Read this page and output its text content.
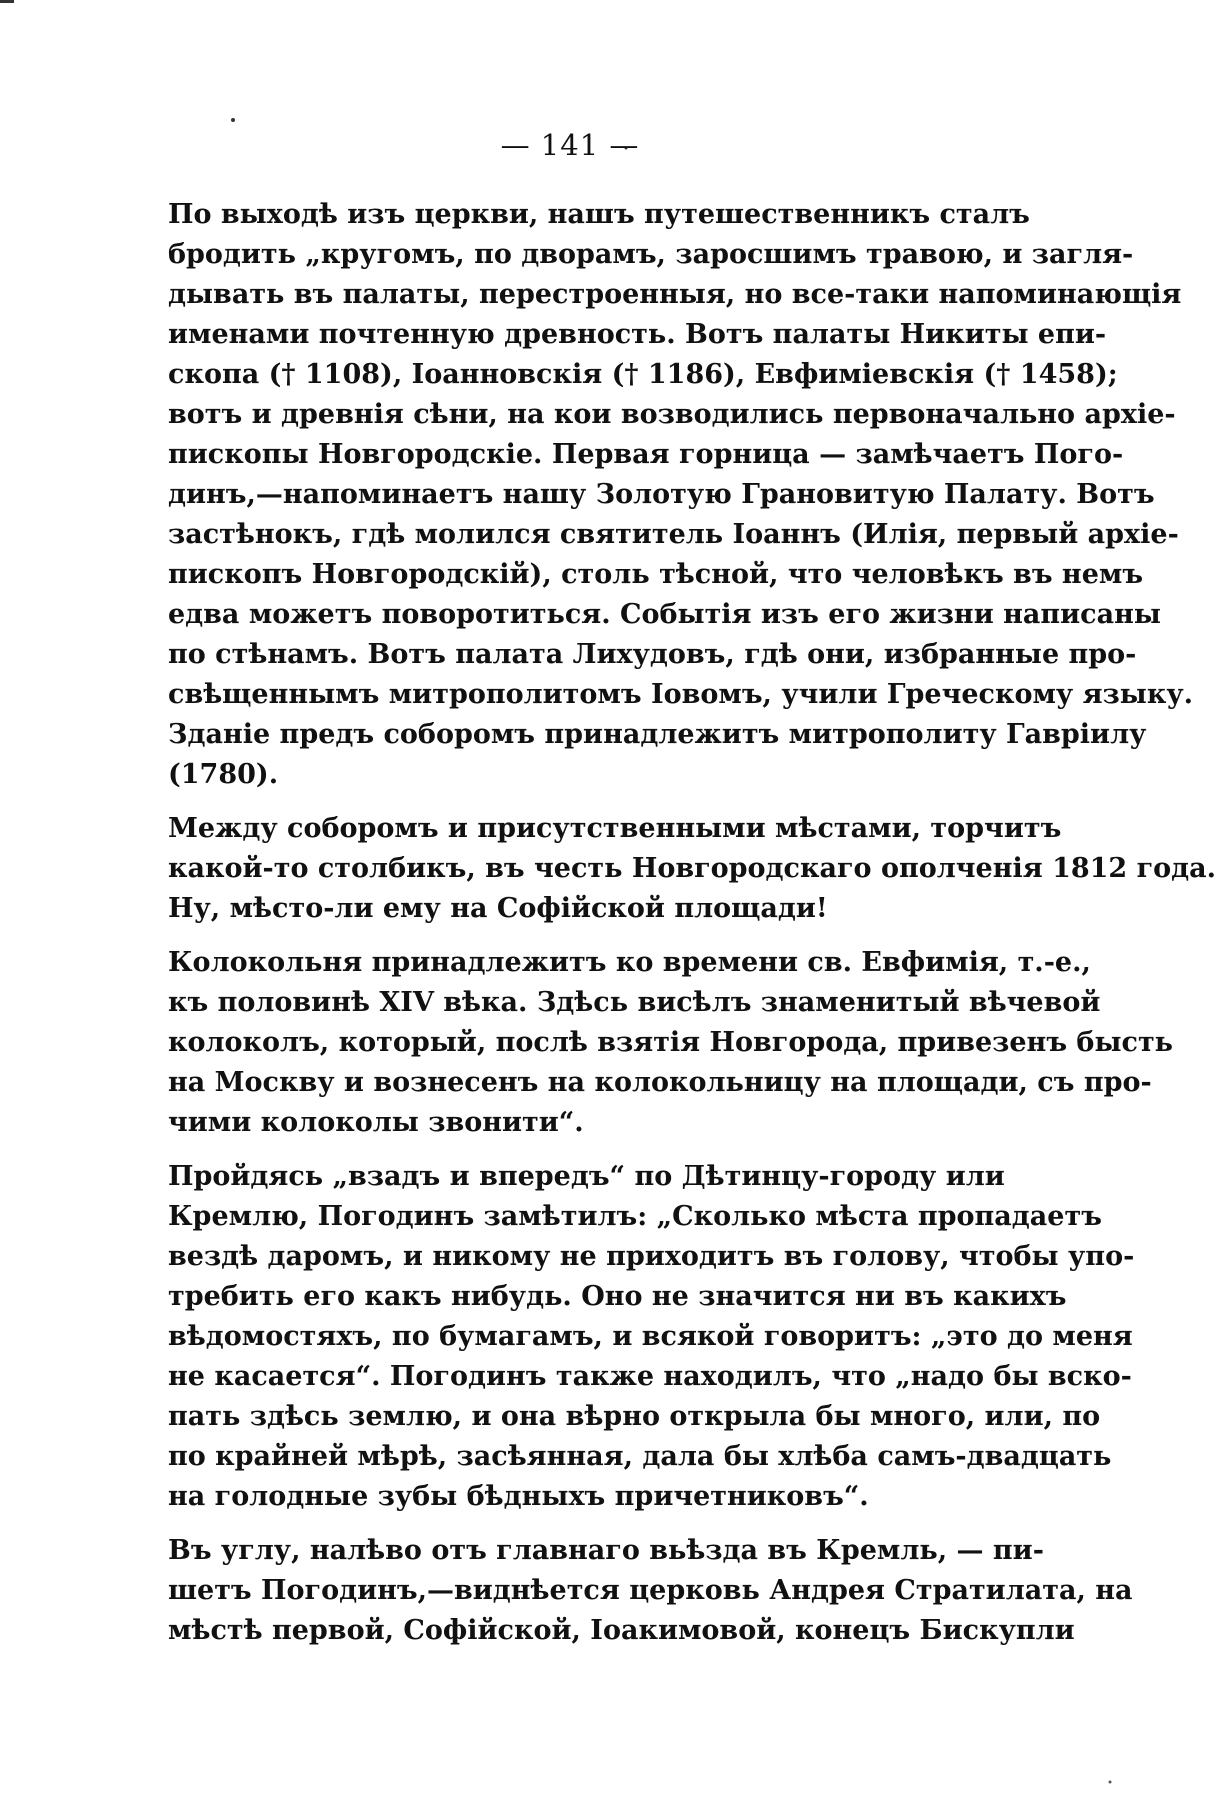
— 141 —
По выходѣ изъ церкви, нашъ путешественникъ сталъ
бродить „кругомъ, по дворамъ, заросшимъ травою, и загля-
дывать въ палаты, перестроенныя, но все-таки напоминающія
именами почтенную древность. Вотъ палаты Никиты епи-
скопа († 1108), Іоанновскія († 1186), Евфиміевскія († 1458);
вотъ и древнія сѣни, на кои возводились первоначально архіе-
пископы Новгородскіе. Первая горница — замѣчаетъ Пого-
динъ,—напоминаетъ нашу Золотую Грановитую Палату. Вотъ
застѣнокъ, гдѣ молился святитель Іоаннъ (Илія, первый архіе-
пископъ Новгородскій), столь тѣсной, что человѣкъ въ немъ
едва можетъ поворотиться. Событія изъ его жизни написаны
по стѣнамъ. Вотъ палата Лихудовъ, гдѣ они, избранные про-
свѣщеннымъ митрополитомъ Іовомъ, учили Греческому языку.
Зданіе предъ соборомъ принадлежитъ митрополиту Гавріилу
(1780).
Между соборомъ и присутственными мѣстами, торчитъ
какой-то столбикъ, въ честь Новгородскаго ополченія 1812 года.
Ну, мѣсто-ли ему на Софійской площади!
Колокольня принадлежитъ ко времени св. Евфимія, т.-е.,
къ половинѣ XIV вѣка. Здѣсь висѣлъ знаменитый вѣчевой
колоколъ, который, послѣ взятія Новгорода, привезенъ бысть
на Москву и вознесенъ на колокольницу на площади, съ про-
чими колоколы звонити“.
Пройдясь „взадъ и впередъ“ по Дѣтинцу-городу или
Кремлю, Погодинъ замѣтилъ: „Сколько мѣста пропадаетъ
вездѣ даромъ, и никому не приходитъ въ голову, чтобы упо-
требить его какъ нибудь. Оно не значится ни въ какихъ
вѣдомостяхъ, по бумагамъ, и всякой говоритъ: „это до меня
не касается“. Погодинъ также находилъ, что „надо бы вско-
пать здѣсь землю, и она вѣрно открыла бы много, или, по
по крайней мѣрѣ, засѣянная, дала бы хлѣба самъ-двадцать
на голодные зубы бѣдныхъ причетниковъ“.
Въ углу, налѣво отъ главнаго вьѣзда въ Кремль, — пи-
шетъ Погодинъ,—виднѣется церковь Андрея Стратилата, на
мѣстѣ первой, Софійской, Іоакимовой, конецъ Бискупли
